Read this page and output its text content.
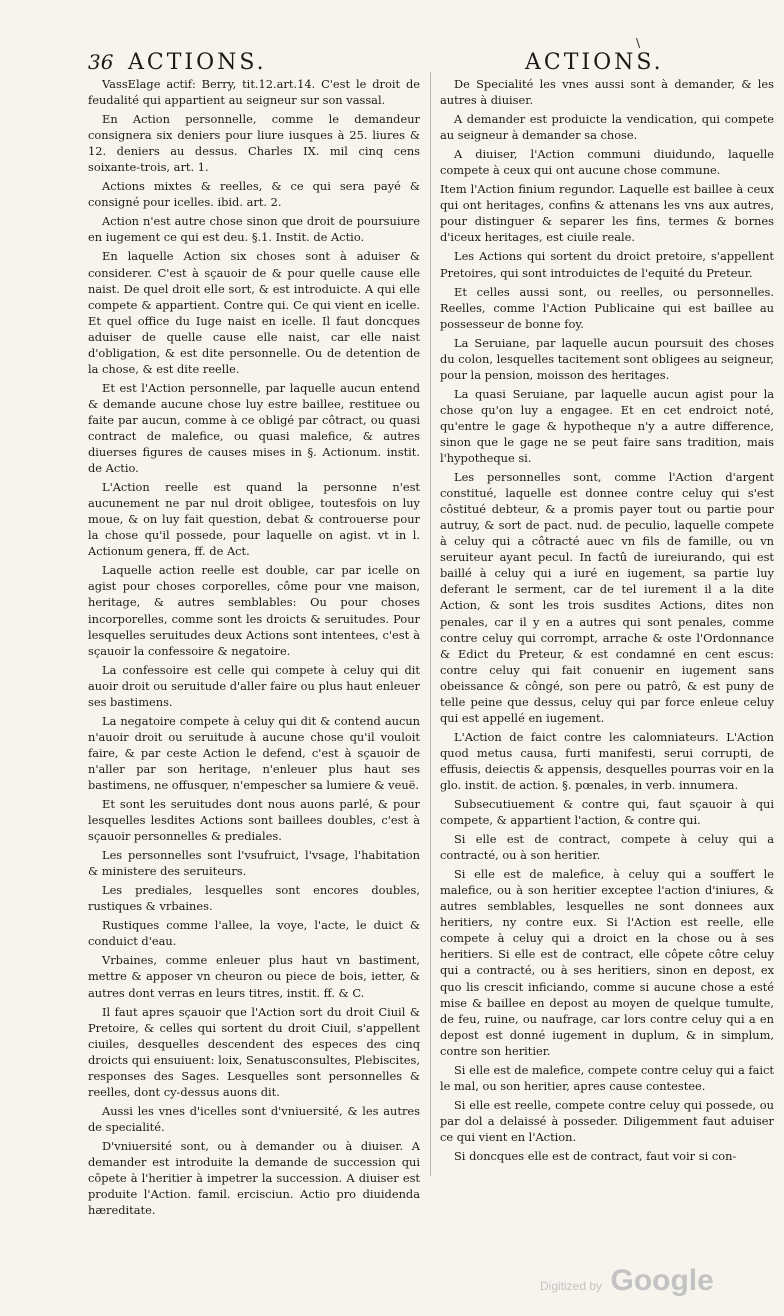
36 ACTIONS.	ACTIONS.
\

VassElage actif: Berry, tit.12.art.14. C'est le droit de feudalité qui appartient au seigneur sur son vassal.

En Action personnelle, comme le demandeur consignera six deniers pour liure iusques à 25. liures & 12. deniers au dessus. Charles IX. mil cinq cens soixante-trois, art. 1.

Actions mixtes & reelles, & ce qui sera payé & consigné pour icelles. ibid. art. 2.

Action n'est autre chose sinon que droit de poursuiure en iugement ce qui est deu. §.1. Instit. de Actio.

En laquelle Action six choses sont à aduiser & considerer. C'est à sçauoir de & pour quelle cause elle naist. De quel droit elle sort, & est introduicte. A qui elle compete & appartient. Contre qui. Ce qui vient en icelle. Et quel office du Iuge naist en icelle. Il faut doncques aduiser de quelle cause elle naist, car elle naist d'obligation, & est dite personnelle. Ou de detention de la chose, & est dite reelle.

Et est l'Action personnelle, par laquelle aucun entend & demande aucune chose luy estre baillee, restituee ou faite par aucun, comme à ce obligé par côtract, ou quasi contract de malefice, ou quasi malefice, & autres diuerses figures de causes mises in §. Actionum. instit. de Actio.

L'Action reelle est quand la personne n'est aucunement ne par nul droit obligee, toutesfois on luy moue, & on luy fait question, debat & controuerse pour la chose qu'il possede, pour laquelle on agist. vt in l. Actionum genera, ff. de Act.

Laquelle action reelle est double, car par icelle on agist pour choses corporelles, côme pour vne maison, heritage, & autres semblables: Ou pour choses incorporelles, comme sont les droicts & seruitudes. Pour lesquelles seruitudes deux Actions sont intentees, c'est à sçauoir la confessoire & negatoire.

La confessoire est celle qui compete à celuy qui dit auoir droit ou seruitude d'aller faire ou plus haut enleuer ses bastimens.

La negatoire compete à celuy qui dit & contend aucun n'auoir droit ou seruitude à aucune chose qu'il vouloit faire, & par ceste Action le defend, c'est à sçauoir de n'aller par son heritage, n'enleuer plus haut ses bastimens, ne offusquer, n'empescher sa lumiere & veuë.

Et sont les seruitudes dont nous auons parlé, & pour lesquelles lesdites Actions sont baillees doubles, c'est à sçauoir personnelles & prediales.

Les personnelles sont l'vsufruict, l'vsage, l'habitation & ministere des seruiteurs.

Les prediales, lesquelles sont encores doubles, rustiques & vrbaines.

Rustiques comme l'allee, la voye, l'acte, le duict & conduict d'eau.

Vrbaines, comme enleuer plus haut vn bastiment, mettre & apposer vn cheuron ou piece de bois, ietter, & autres dont verras en leurs titres, instit. ff. & C.

Il faut apres sçauoir que l'Action sort du droit Ciuil & Pretoire, & celles qui sortent du droit Ciuil, s'appellent ciuiles, desquelles descendent des especes des cinq droicts qui ensuiuent: loix, Senatusconsultes, Plebiscites, responses des Sages. Lesquelles sont personnelles & reelles, dont cy-dessus auons dit.

Aussi les vnes d'icelles sont d'vniuersité, & les autres de specialité.

D'vniuersité sont, ou à demander ou à diuiser. A demander est introduite la demande de succession qui cōpete à l'heritier à impetrer la succession. A diuiser est produite l'Action. famil. ercisciun. Actio pro diuidenda hæreditate.

De Specialité les vnes aussi sont à demander, & les autres à diuiser.

A demander est produicte la vendication, qui compete au seigneur à demander sa chose.

A diuiser, l'Action communi diuidundo, laquelle compete à ceux qui ont aucune chose commune.

Item l'Action finium regundor. Laquelle est baillee à ceux qui ont heritages, confins & attenans les vns aux autres, pour distinguer & separer les fins, termes & bornes d'iceux heritages, est ciuile reale.

Les Actions qui sortent du droict pretoire, s'appellent Pretoires, qui sont introduictes de l'equité du Preteur.

Et celles aussi sont, ou reelles, ou personnelles. Reelles, comme l'Action Publicaine qui est baillee au possesseur de bonne foy.

La Seruiane, par laquelle aucun poursuit des choses du colon, lesquelles tacitement sont obligees au seigneur, pour la pension, moisson des heritages.

La quasi Seruiane, par laquelle aucun agist pour la chose qu'on luy a engagee. Et en cet endroict noté, qu'entre le gage & hypotheque n'y a autre difference, sinon que le gage ne se peut faire sans tradition, mais l'hypotheque si.

Les personnelles sont, comme l'Action d'argent constitué, laquelle est donnee contre celuy qui s'est côstitué debteur, & a promis payer tout ou partie pour autruy, & sort de pact. nud. de peculio, laquelle compete à celuy qui a côtracté auec vn fils de famille, ou vn seruiteur ayant pecul. In factû de iureiurando, qui est baillé à celuy qui a iuré en iugement, sa partie luy deferant le serment, car de tel iurement il a la dite Action, & sont les trois susdites Actions, dites non penales, car il y en a autres qui sont penales, comme contre celuy qui corrompt, arrache & oste l'Ordonnance & Edict du Preteur, & est condamné en cent escus: contre celuy qui fait conuenir en iugement sans obeissance & côngé, son pere ou patrô, & est puny de telle peine que dessus, celuy qui par force enleue celuy qui est appellé en iugement.

L'Action de faict contre les calomniateurs. L'Action quod metus causa, furti manifesti, serui corrupti, de effusis, deiectis & appensis, desquelles pourras voir en la glo. instit. de action. §. pœnales, in verb. innumera.

Subsecutiuement & contre qui, faut sçauoir à qui compete, & appartient l'action, & contre qui.

Si elle est de contract, compete à celuy qui a contracté, ou à son heritier.

Si elle est de malefice, à celuy qui a souffert le malefice, ou à son heritier exceptee l'action d'iniures, & autres semblables, lesquelles ne sont donnees aux heritiers, ny contre eux. Si l'Action est reelle, elle compete à celuy qui a droict en la chose ou à ses heritiers. Si elle est de contract, elle côpete côtre celuy qui a contracté, ou à ses heritiers, sinon en depost, ex quo lis crescit inficiando, comme si aucune chose a esté mise & baillee en depost au moyen de quelque tumulte, de feu, ruine, ou naufrage, car lors contre celuy qui a en depost est donné iugement in duplum, & in simplum, contre son heritier.

Si elle est de malefice, compete contre celuy qui a faict le mal, ou son heritier, apres cause contestee.

Si elle est reelle, compete contre celuy qui possede, ou par dol a delaissé à posseder. Diligemment faut aduiser ce qui vient en l'Action.

Si doncques elle est de contract, faut voir si con-

Digitized by Google
